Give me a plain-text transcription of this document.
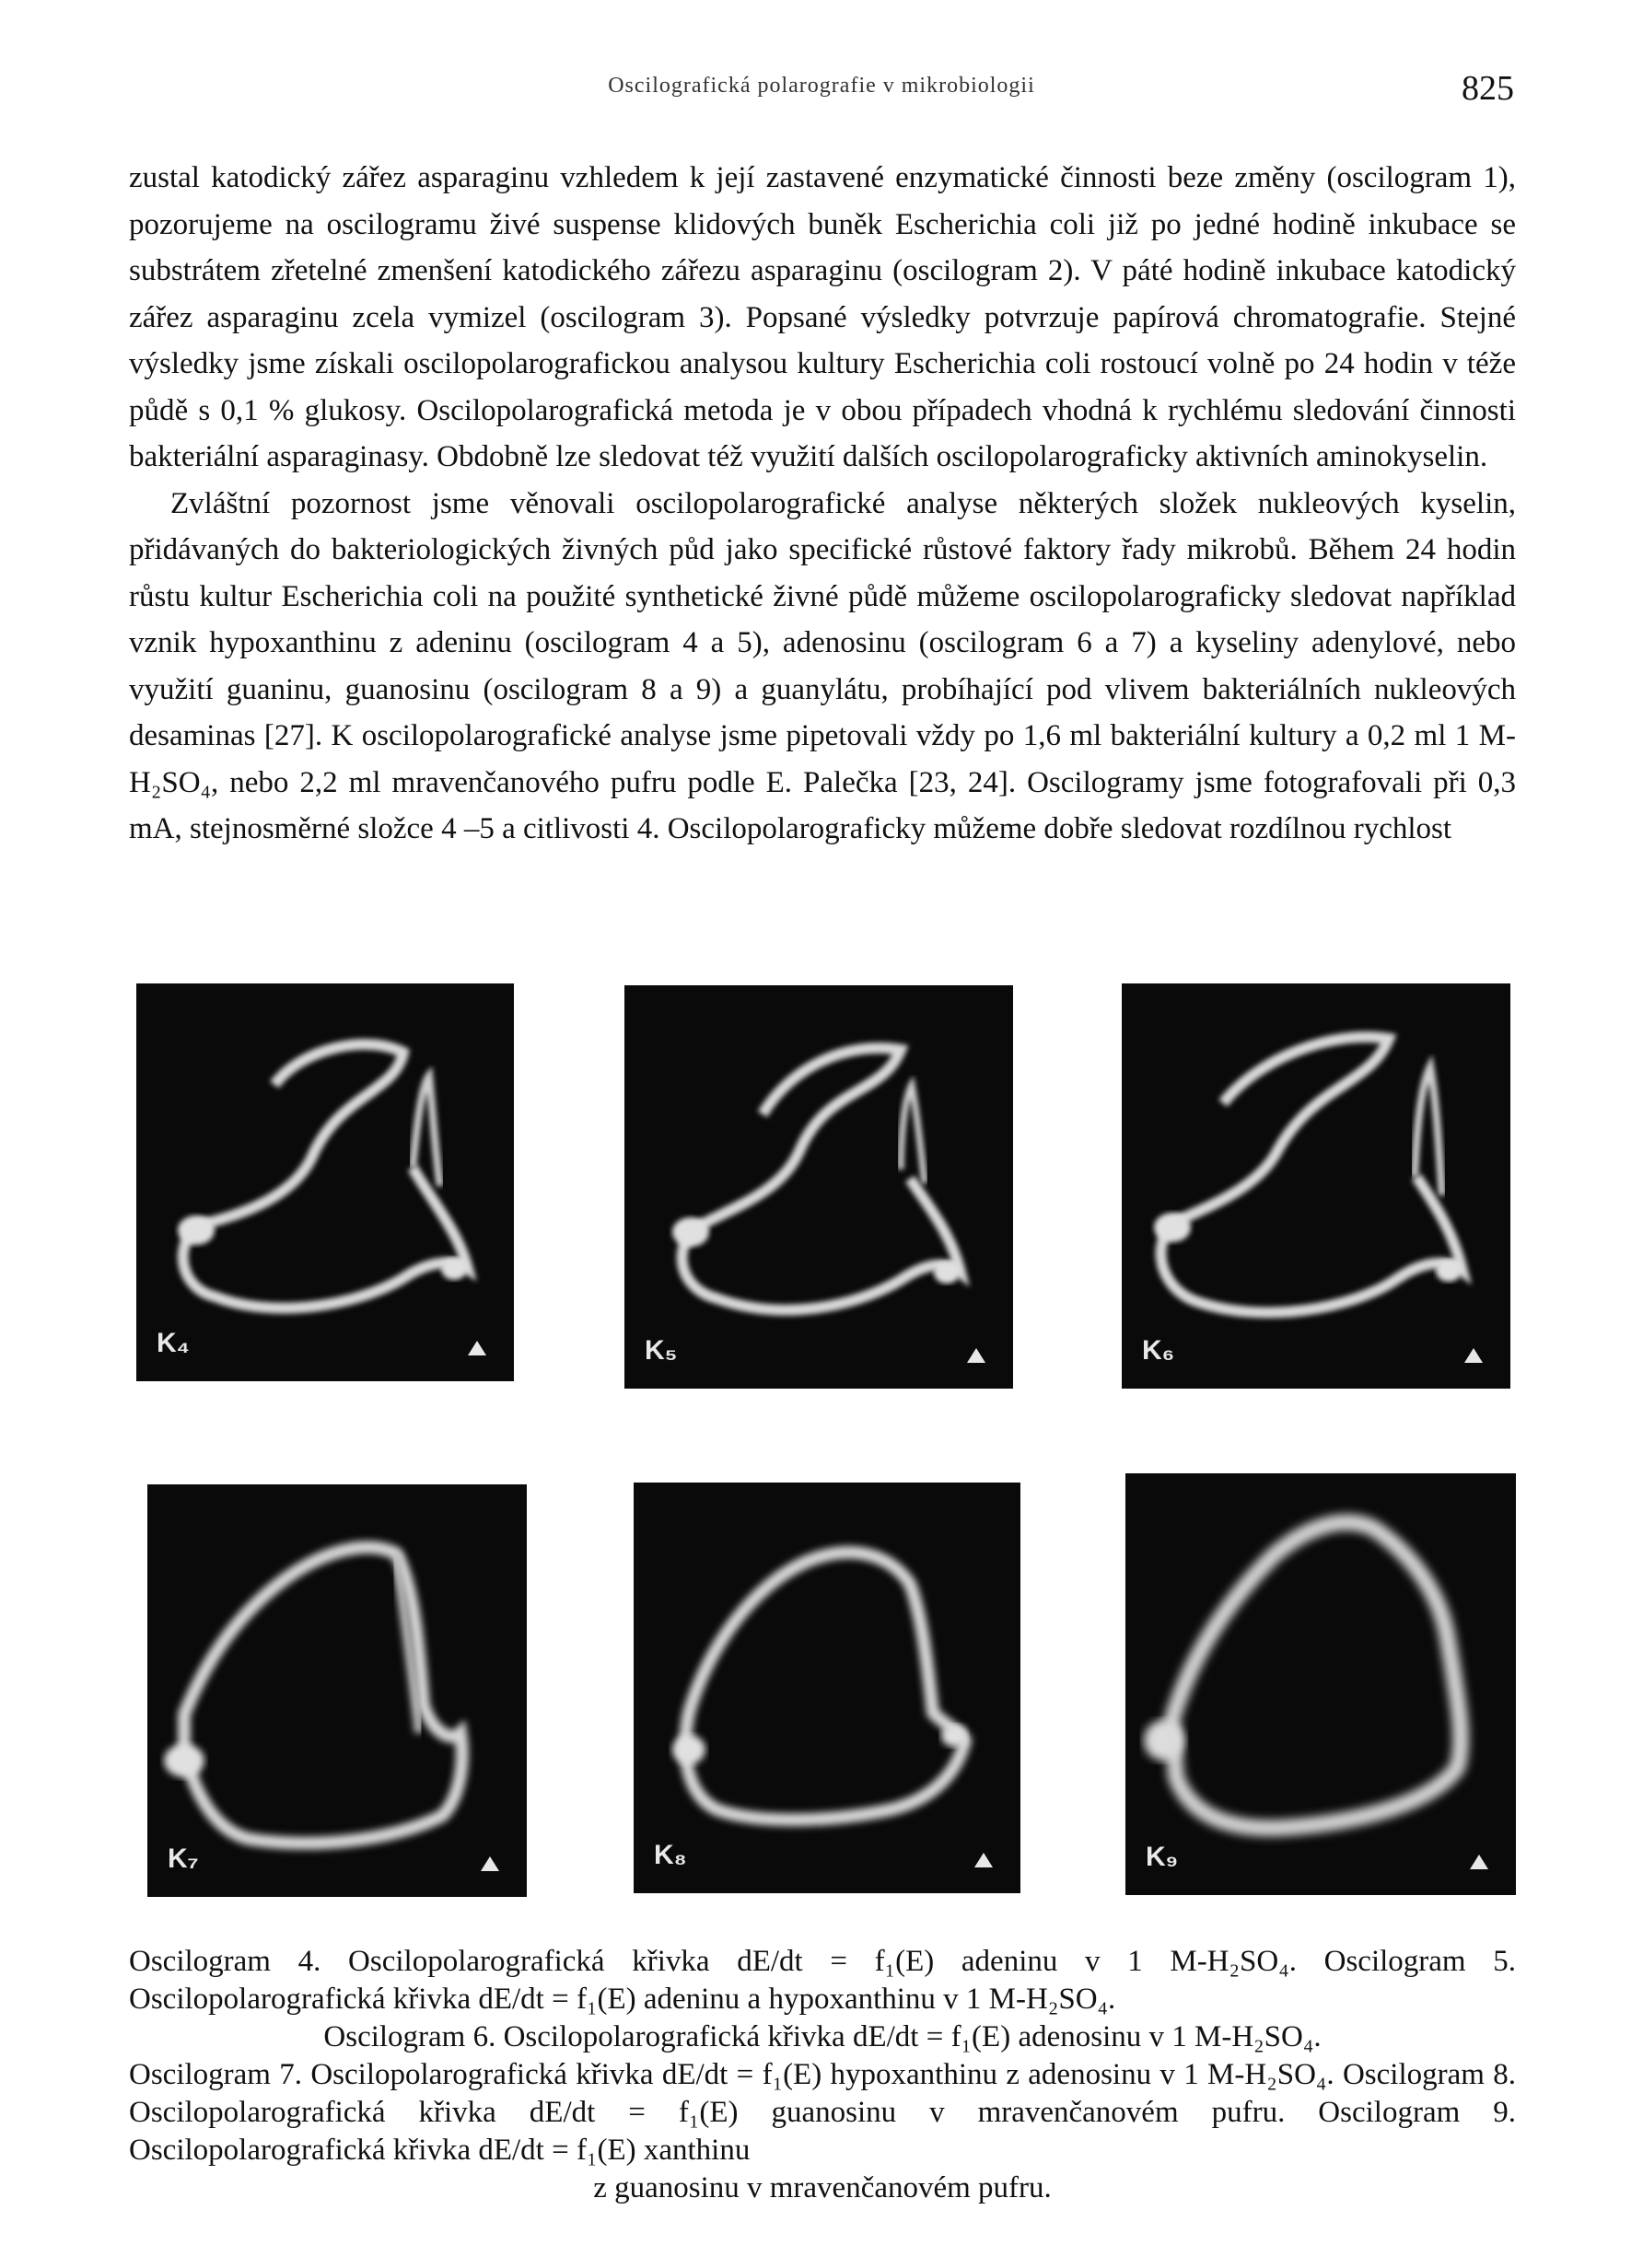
Oscilografická polarografie v mikrobiologii	825

zustal katodický zářez asparaginu vzhledem k její zastavené enzymatické činnosti beze změny (oscilogram 1), pozorujeme na oscilogramu živé suspense klidových buněk Escherichia coli již po jedné hodině inkubace se substrátem zřetelné zmenšení katodického zářezu asparaginu (oscilogram 2). V páté hodině inkubace katodický zářez asparaginu zcela vymizel (oscilogram 3). Popsané výsledky potvrzuje papírová chromatografie. Stejné výsledky jsme získali oscilopolarografickou analysou kultury Escherichia coli rostoucí volně po 24 hodin v téže půdě s 0,1 % glukosy. Oscilopolarografická metoda je v obou případech vhodná k rychlému sledování činnosti bakteriální asparaginasy. Obdobně lze sledovat též využití dalších oscilopolarograficky aktivních aminokyselin.

Zvláštní pozornost jsme věnovali oscilopolarografické analyse některých složek nukleových kyselin, přidávaných do bakteriologických živných půd jako specifické růstové faktory řady mikrobů. Během 24 hodin růstu kultur Escherichia coli na použité synthetické živné půdě můžeme oscilopolarograficky sledovat například vznik hypoxanthinu z adeninu (oscilogram 4 a 5), adenosinu (oscilogram 6 a 7) a kyseliny adenylové, nebo využití guaninu, guanosinu (oscilogram 8 a 9) a guanylátu, probíhající pod vlivem bakteriálních nukleových desaminas [27]. K oscilopolarografické analyse jsme pipetovali vždy po 1,6 ml bakteriální kultury a 0,2 ml 1 M-H₂SO₄, nebo 2,2 ml mravenčanového pufru podle E. Palečka [23, 24]. Oscilogramy jsme fotografovali při 0,3 mA, stejnosměrné složce 4 –5 a citlivosti 4. Oscilopolarograficky můžeme dobře sledovat rozdílnou rychlost

K₄	K₅	K₆
K₇	K₈	K₉

Oscilogram 4. Oscilopolarografická křivka dE/dt = f₁(E) adeninu v 1 M-H₂SO₄. Oscilogram 5. Oscilopolarografická křivka dE/dt = f₁(E) adeninu a hypoxanthinu v 1 M-H₂SO₄.

Oscilogram 6. Oscilopolarografická křivka dE/dt = f₁(E) adenosinu v 1 M-H₂SO₄.

Oscilogram 7. Oscilopolarografická křivka dE/dt = f₁(E) hypoxanthinu z adenosinu v 1 M-H₂SO₄. Oscilogram 8. Oscilopolarografická křivka dE/dt = f₁(E) guanosinu v mravenčanovém pufru. Oscilogram 9. Oscilopolarografická křivka dE/dt = f₁(E) xanthinu

z guanosinu v mravenčanovém pufru.
